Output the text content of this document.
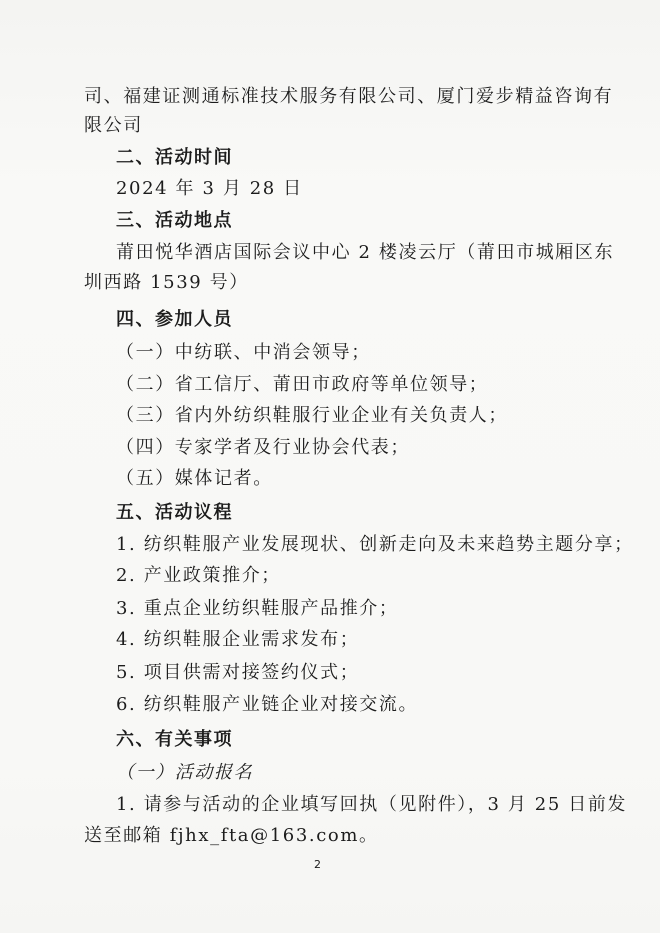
司、福建证测通标准技术服务有限公司、厦门爱步精益咨询有
限公司
二、活动时间
2024 年 3 月 28 日
三、活动地点
莆田悦华酒店国际会议中心 2 楼凌云厅（莆田市城厢区东
圳西路 1539 号）
四、参加人员
（一）中纺联、中消会领导；
（二）省工信厅、莆田市政府等单位领导；
（三）省内外纺织鞋服行业企业有关负责人；
（四）专家学者及行业协会代表；
（五）媒体记者。
五、活动议程
1. 纺织鞋服产业发展现状、创新走向及未来趋势主题分享；
2. 产业政策推介；
3. 重点企业纺织鞋服产品推介；
4. 纺织鞋服企业需求发布；
5. 项目供需对接签约仪式；
6. 纺织鞋服产业链企业对接交流。
六、有关事项
（一）活动报名
1. 请参与活动的企业填写回执（见附件），3 月 25 日前发
送至邮箱 fjhx_fta@163.com。
2
